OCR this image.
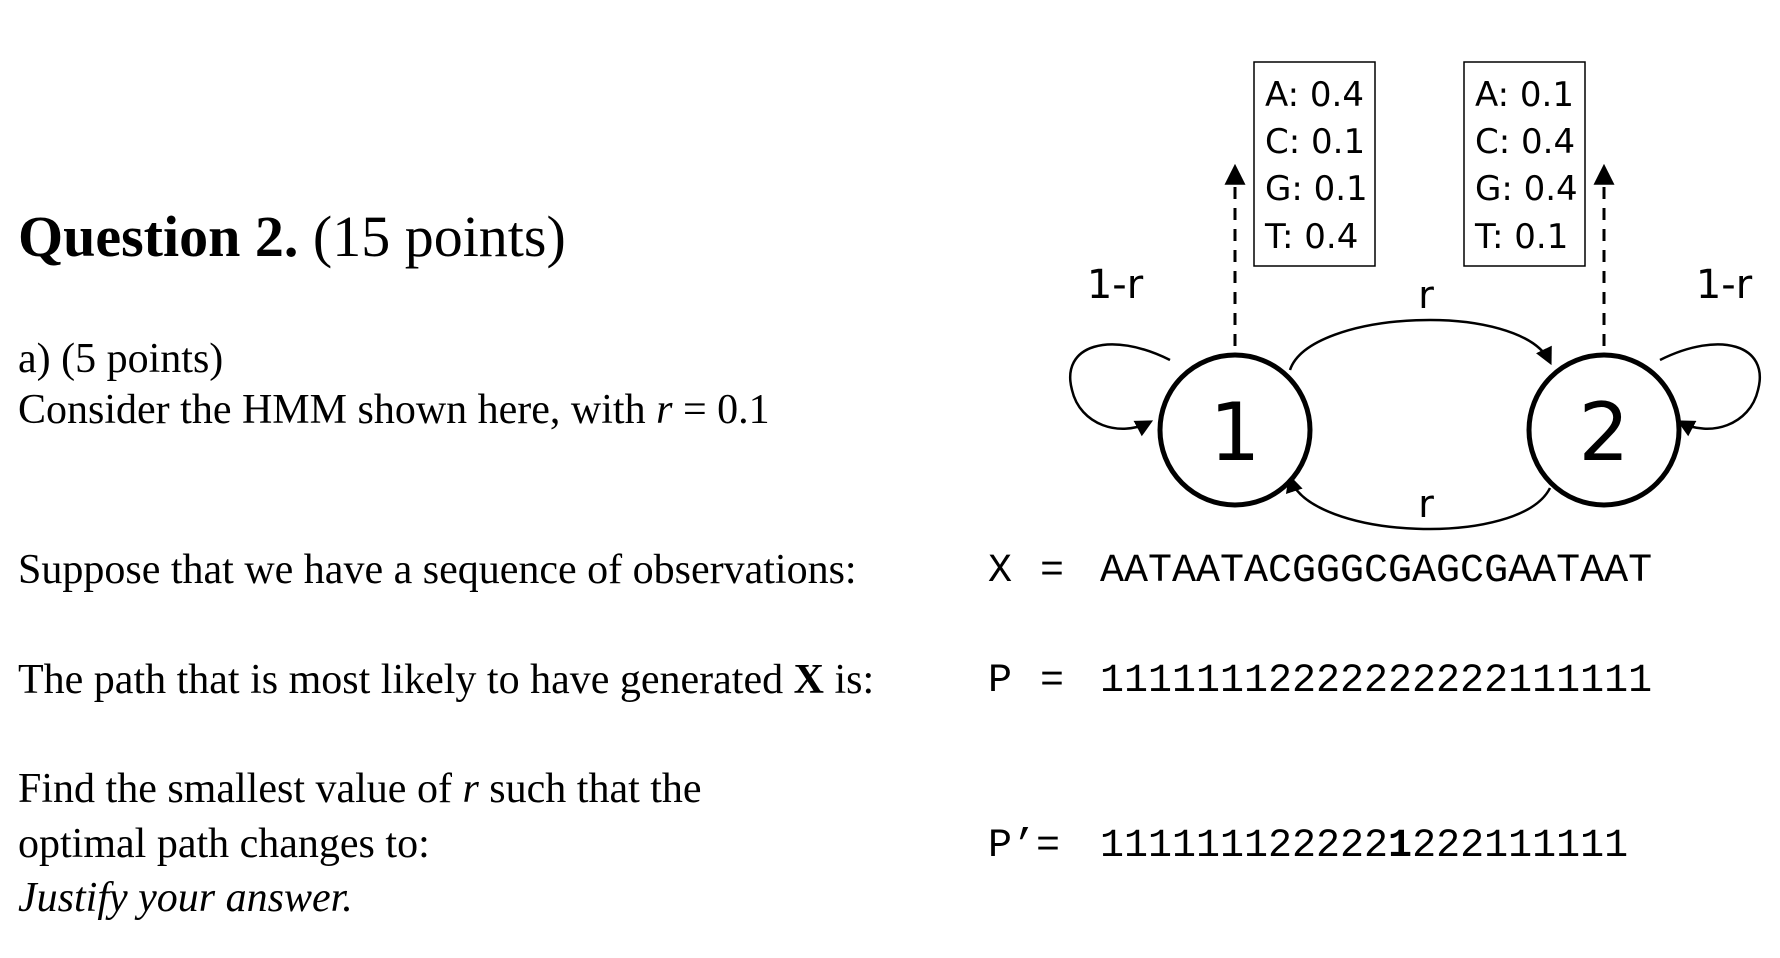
Question 2. (15 points)
a) (5 points)
Consider the HMM shown here, with r = 0.1
Suppose that we have a sequence of observations:	X = AATAATACGGGCGAGCGAATAAT
The path that is most likely to have generated X is:	P = 11111112222222222111111
Find the smallest value of r such that the
optimal path changes to:
Justify your answer.
P’= 1111111222221222111111
A: 0.4
C: 0.1
G: 0.1
T: 0.4
A: 0.1
C: 0.4
G: 0.4
T: 0.1
r
r
1-r	1-r
1	2
